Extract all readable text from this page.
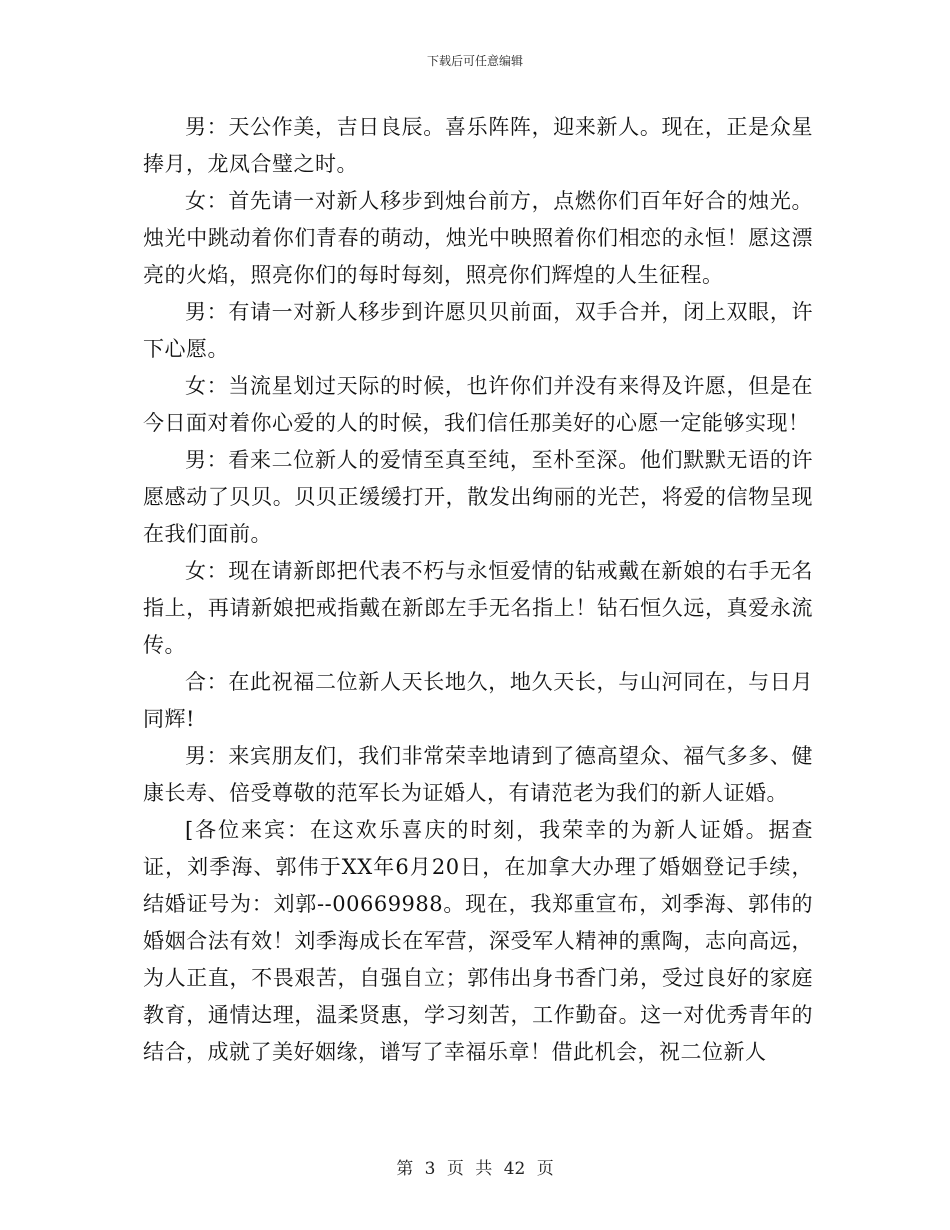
下载后可任意编辑

男：天公作美，吉日良辰。喜乐阵阵，迎来新人。现在，正是众星捧月，龙凤合璧之时。

女：首先请一对新人移步到烛台前方，点燃你们百年好合的烛光。烛光中跳动着你们青春的萌动，烛光中映照着你们相恋的永恒！愿这漂亮的火焰，照亮你们的每时每刻，照亮你们辉煌的人生征程。

男：有请一对新人移步到许愿贝贝前面，双手合并，闭上双眼，许下心愿。

女：当流星划过天际的时候，也许你们并没有来得及许愿，但是在今日面对着你心爱的人的时候，我们信任那美好的心愿一定能够实现！

男：看来二位新人的爱情至真至纯，至朴至深。他们默默无语的许愿感动了贝贝。贝贝正缓缓打开，散发出绚丽的光芒，将爱的信物呈现在我们面前。

女：现在请新郎把代表不朽与永恒爱情的钻戒戴在新娘的右手无名指上，再请新娘把戒指戴在新郎左手无名指上！钻石恒久远，真爱永流传。

合：在此祝福二位新人天长地久，地久天长，与山河同在，与日月同辉!

男：来宾朋友们，我们非常荣幸地请到了德高望众、福气多多、健康长寿、倍受尊敬的范军长为证婚人，有请范老为我们的新人证婚。

[各位来宾：在这欢乐喜庆的时刻，我荣幸的为新人证婚。据查证，刘季海、郭伟于XX年6月20日，在加拿大办理了婚姻登记手续，结婚证号为：刘郭--00669988。现在，我郑重宣布，刘季海、郭伟的婚姻合法有效！刘季海成长在军营，深受军人精神的熏陶，志向高远，为人正直，不畏艰苦，自强自立；郭伟出身书香门弟，受过良好的家庭教育，通情达理，温柔贤惠，学习刻苦，工作勤奋。这一对优秀青年的结合，成就了美好姻缘，谱写了幸福乐章！借此机会，祝二位新人

第 3 页 共 42 页
